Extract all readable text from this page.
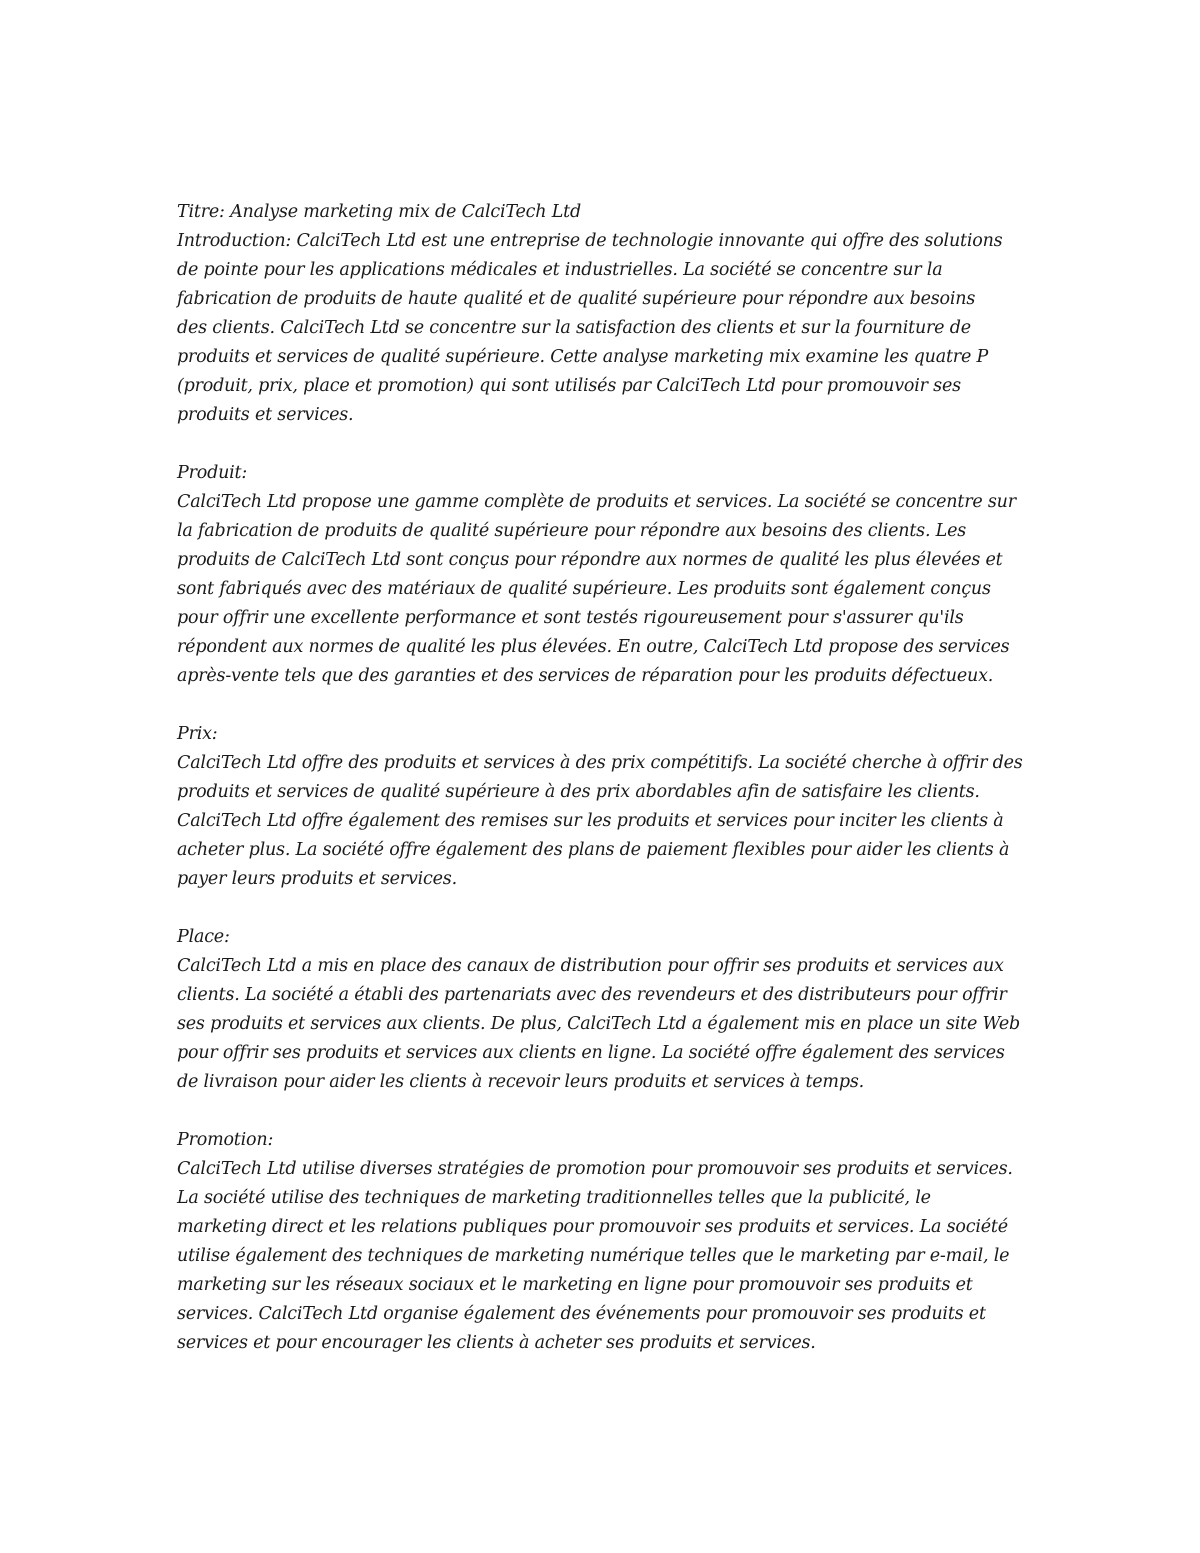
Titre: Analyse marketing mix de CalciTech Ltd
Introduction: CalciTech Ltd est une entreprise de technologie innovante qui offre des solutions
de pointe pour les applications médicales et industrielles. La société se concentre sur la
fabrication de produits de haute qualité et de qualité supérieure pour répondre aux besoins
des clients. CalciTech Ltd se concentre sur la satisfaction des clients et sur la fourniture de
produits et services de qualité supérieure. Cette analyse marketing mix examine les quatre P
(produit, prix, place et promotion) qui sont utilisés par CalciTech Ltd pour promouvoir ses
produits et services.
Produit:
CalciTech Ltd propose une gamme complète de produits et services. La société se concentre sur
la fabrication de produits de qualité supérieure pour répondre aux besoins des clients. Les
produits de CalciTech Ltd sont conçus pour répondre aux normes de qualité les plus élevées et
sont fabriqués avec des matériaux de qualité supérieure. Les produits sont également conçus
pour offrir une excellente performance et sont testés rigoureusement pour s'assurer qu'ils
répondent aux normes de qualité les plus élevées. En outre, CalciTech Ltd propose des services
après-vente tels que des garanties et des services de réparation pour les produits défectueux.
Prix:
CalciTech Ltd offre des produits et services à des prix compétitifs. La société cherche à offrir des
produits et services de qualité supérieure à des prix abordables afin de satisfaire les clients.
CalciTech Ltd offre également des remises sur les produits et services pour inciter les clients à
acheter plus. La société offre également des plans de paiement flexibles pour aider les clients à
payer leurs produits et services.
Place:
CalciTech Ltd a mis en place des canaux de distribution pour offrir ses produits et services aux
clients. La société a établi des partenariats avec des revendeurs et des distributeurs pour offrir
ses produits et services aux clients. De plus, CalciTech Ltd a également mis en place un site Web
pour offrir ses produits et services aux clients en ligne. La société offre également des services
de livraison pour aider les clients à recevoir leurs produits et services à temps.
Promotion:
CalciTech Ltd utilise diverses stratégies de promotion pour promouvoir ses produits et services.
La société utilise des techniques de marketing traditionnelles telles que la publicité, le
marketing direct et les relations publiques pour promouvoir ses produits et services. La société
utilise également des techniques de marketing numérique telles que le marketing par e-mail, le
marketing sur les réseaux sociaux et le marketing en ligne pour promouvoir ses produits et
services. CalciTech Ltd organise également des événements pour promouvoir ses produits et
services et pour encourager les clients à acheter ses produits et services.
